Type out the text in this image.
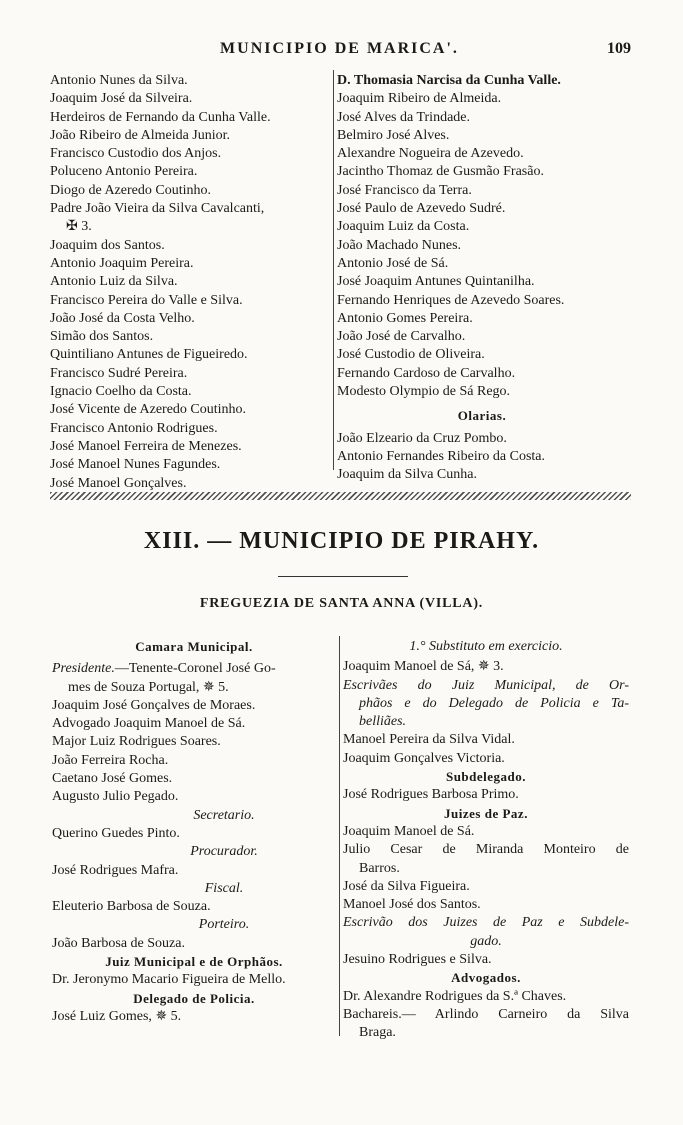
MUNICIPIO DE MARICA'.	109
Antonio Nunes da Silva.
Joaquim José da Silveira.
Herdeiros de Fernando da Cunha Valle.
João Ribeiro de Almeida Junior.
Francisco Custodio dos Anjos.
Poluceno Antonio Pereira.
Diogo de Azeredo Coutinho.
Padre João Vieira da Silva Cavalcanti,
✠ 3.
Joaquim dos Santos.
Antonio Joaquim Pereira.
Antonio Luiz da Silva.
Francisco Pereira do Valle e Silva.
João José da Costa Velho.
Simão dos Santos.
Quintiliano Antunes de Figueiredo.
Francisco Sudré Pereira.
Ignacio Coelho da Costa.
José Vicente de Azeredo Coutinho.
Francisco Antonio Rodrigues.
José Manoel Ferreira de Menezes.
José Manoel Nunes Fagundes.
José Manoel Gonçalves.
D. Thomasia Narcisa da Cunha Valle.
Joaquim Ribeiro de Almeida.
José Alves da Trindade.
Belmiro José Alves.
Alexandre Nogueira de Azevedo.
Jacintho Thomaz de Gusmão Frasão.
José Francisco da Terra.
José Paulo de Azevedo Sudré.
Joaquim Luiz da Costa.
João Machado Nunes.
Antonio José de Sá.
José Joaquim Antunes Quintanilha.
Fernando Henriques de Azevedo Soares.
Antonio Gomes Pereira.
João José de Carvalho.
José Custodio de Oliveira.
Fernando Cardoso de Carvalho.
Modesto Olympio de Sá Rego.
Olarias.
João Elzeario da Cruz Pombo.
Antonio Fernandes Ribeiro da Costa.
Joaquim da Silva Cunha.
XIII. — MUNICIPIO DE PIRAHY.
FREGUEZIA DE SANTA ANNA (VILLA).
Camara Municipal.
Presidente.—Tenente-Coronel José Go-
mes de Souza Portugal, ✵ 5.
Joaquim José Gonçalves de Moraes.
Advogado Joaquim Manoel de Sá.
Major Luiz Rodrigues Soares.
João Ferreira Rocha.
Caetano José Gomes.
Augusto Julio Pegado.
Secretario.
Querino Guedes Pinto.
Procurador.
José Rodrigues Mafra.
Fiscal.
Eleuterio Barbosa de Souza.
Porteiro.
João Barbosa de Souza.
Juiz Municipal e de Orphãos.
Dr. Jeronymo Macario Figueira de Mello.
Delegado de Policia.
José Luiz Gomes, ✵ 5.
1.° Substituto em exercicio.
Joaquim Manoel de Sá, ✵ 3.
Escrivães do Juiz Municipal, de Or-
phãos e do Delegado de Policia e Ta-
belliães.
Manoel Pereira da Silva Vidal.
Joaquim Gonçalves Victoria.
Subdelegado.
José Rodrigues Barbosa Primo.
Juizes de Paz.
Joaquim Manoel de Sá.
Julio Cesar de Miranda Monteiro de
Barros.
José da Silva Figueira.
Manoel José dos Santos.
Escrivão dos Juizes de Paz e Subdele-
gado.
Jesuino Rodrigues e Silva.
Advogados.
Dr. Alexandre Rodrigues da S.ª Chaves.
Bachareis.— Arlindo Carneiro da Silva
Braga.
